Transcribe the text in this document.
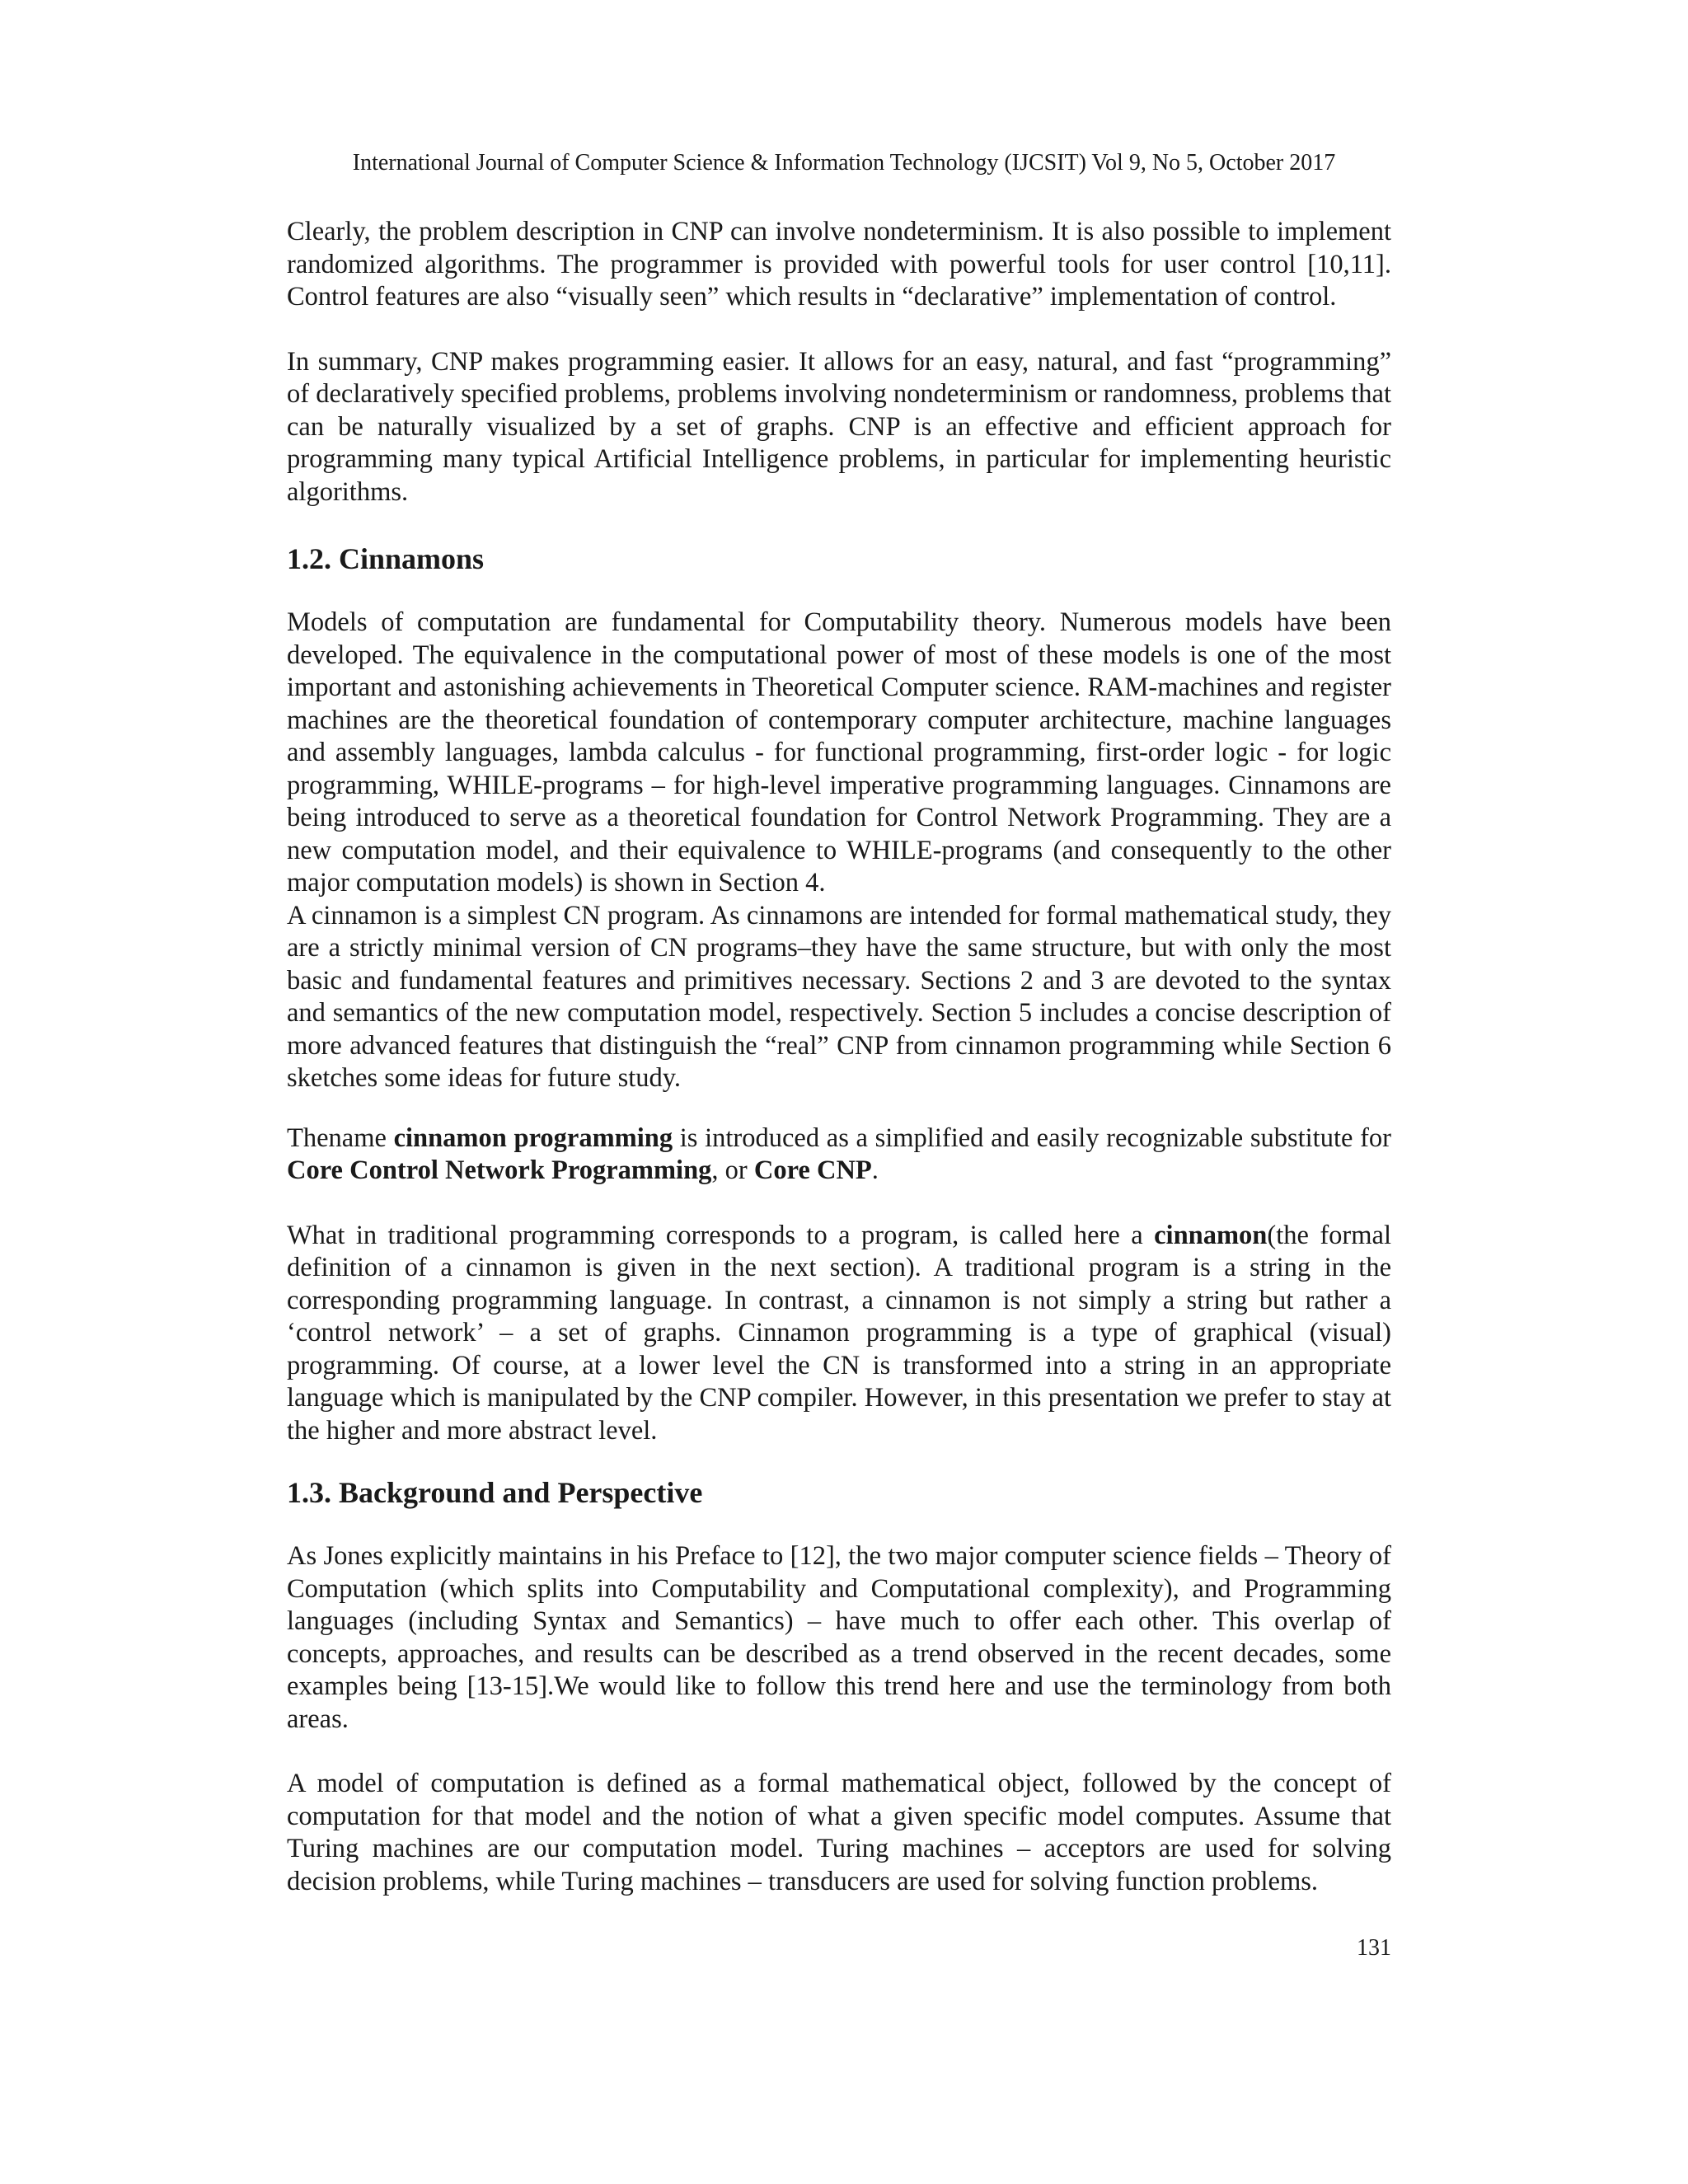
International Journal of Computer Science & Information Technology (IJCSIT) Vol 9, No 5, October 2017

Clearly, the problem description in CNP can involve nondeterminism. It is also possible to implement randomized algorithms. The programmer is provided with powerful tools for user control [10,11]. Control features are also “visually seen” which results in “declarative” implementation of control.

In summary, CNP makes programming easier. It allows for an easy, natural, and fast “programming” of declaratively specified problems, problems involving nondeterminism or randomness, problems that can be naturally visualized by a set of graphs. CNP is an effective and efficient approach for programming many typical Artificial Intelligence problems, in particular for implementing heuristic algorithms.

1.2. Cinnamons

Models of computation are fundamental for Computability theory. Numerous models have been developed. The equivalence in the computational power of most of these models is one of the most important and astonishing achievements in Theoretical Computer science. RAM-machines and register machines are the theoretical foundation of contemporary computer architecture, machine languages and assembly languages, lambda calculus - for functional programming, first-order logic - for logic programming, WHILE-programs – for high-level imperative programming languages. Cinnamons are being introduced to serve as a theoretical foundation for Control Network Programming. They are a new computation model, and their equivalence to WHILE-programs (and consequently to the other major computation models) is shown in Section 4.

A cinnamon is a simplest CN program. As cinnamons are intended for formal mathematical study, they are a strictly minimal version of CN programs–they have the same structure, but with only the most basic and fundamental features and primitives necessary. Sections 2 and 3 are devoted to the syntax and semantics of the new computation model, respectively. Section 5 includes a concise description of more advanced features that distinguish the “real” CNP from cinnamon programming while Section 6 sketches some ideas for future study.

Thename cinnamon programming is introduced as a simplified and easily recognizable substitute for Core Control Network Programming, or Core CNP.

What in traditional programming corresponds to a program, is called here a cinnamon(the formal definition of a cinnamon is given in the next section). A traditional program is a string in the corresponding programming language. In contrast, a cinnamon is not simply a string but rather a ‘control network’ – a set of graphs. Cinnamon programming is a type of graphical (visual) programming. Of course, at a lower level the CN is transformed into a string in an appropriate language which is manipulated by the CNP compiler. However, in this presentation we prefer to stay at the higher and more abstract level.

1.3. Background and Perspective

As Jones explicitly maintains in his Preface to [12], the two major computer science fields – Theory of Computation (which splits into Computability and Computational complexity), and Programming languages (including Syntax and Semantics) – have much to offer each other. This overlap of concepts, approaches, and results can be described as a trend observed in the recent decades, some examples being [13-15].We would like to follow this trend here and use the terminology from both areas.

A model of computation is defined as a formal mathematical object, followed by the concept of computation for that model and the notion of what a given specific model computes. Assume that Turing machines are our computation model. Turing machines – acceptors are used for solving decision problems, while Turing machines – transducers are used for solving function problems.

131
